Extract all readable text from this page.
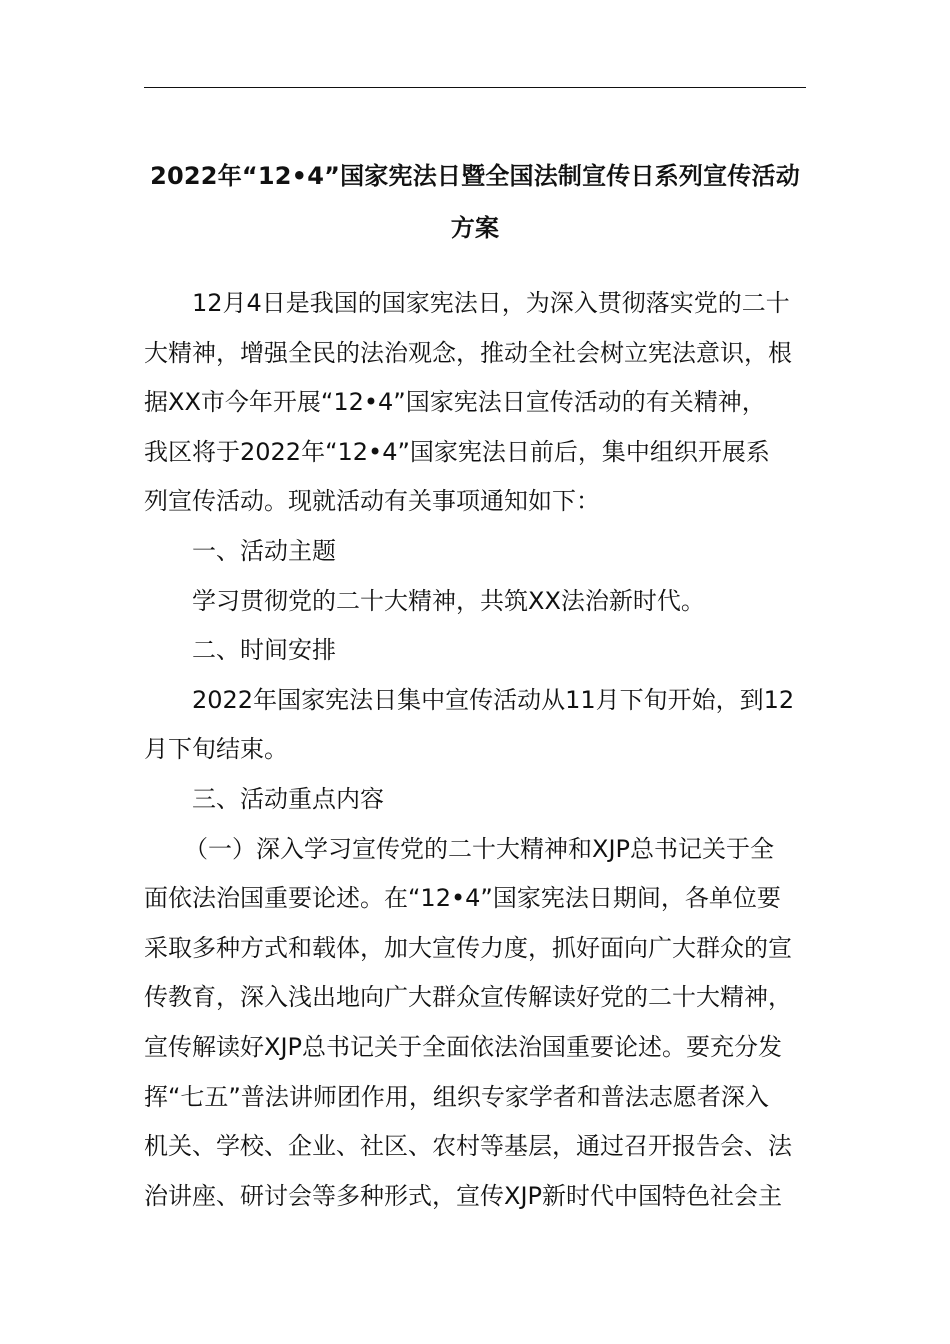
2022年“12•4”国家宪法日暨全国法制宣传日系列宣传活动
方案
12月4日是我国的国家宪法日，为深入贯彻落实党的二十
大精神，增强全民的法治观念，推动全社会树立宪法意识，根
据XX市今年开展“12•4”国家宪法日宣传活动的有关精神，
我区将于2022年“12•4”国家宪法日前后，集中组织开展系
列宣传活动。现就活动有关事项通知如下：
一、活动主题
学习贯彻党的二十大精神，共筑XX法治新时代。
二、时间安排
2022年国家宪法日集中宣传活动从11月下旬开始，到12
月下旬结束。
三、活动重点内容
（一）深入学习宣传党的二十大精神和XJP总书记关于全
面依法治国重要论述。在“12•4”国家宪法日期间，各单位要
采取多种方式和载体，加大宣传力度，抓好面向广大群众的宣
传教育，深入浅出地向广大群众宣传解读好党的二十大精神，
宣传解读好XJP总书记关于全面依法治国重要论述。要充分发
挥“七五”普法讲师团作用，组织专家学者和普法志愿者深入
机关、学校、企业、社区、农村等基层，通过召开报告会、法
治讲座、研讨会等多种形式，宣传XJP新时代中国特色社会主
